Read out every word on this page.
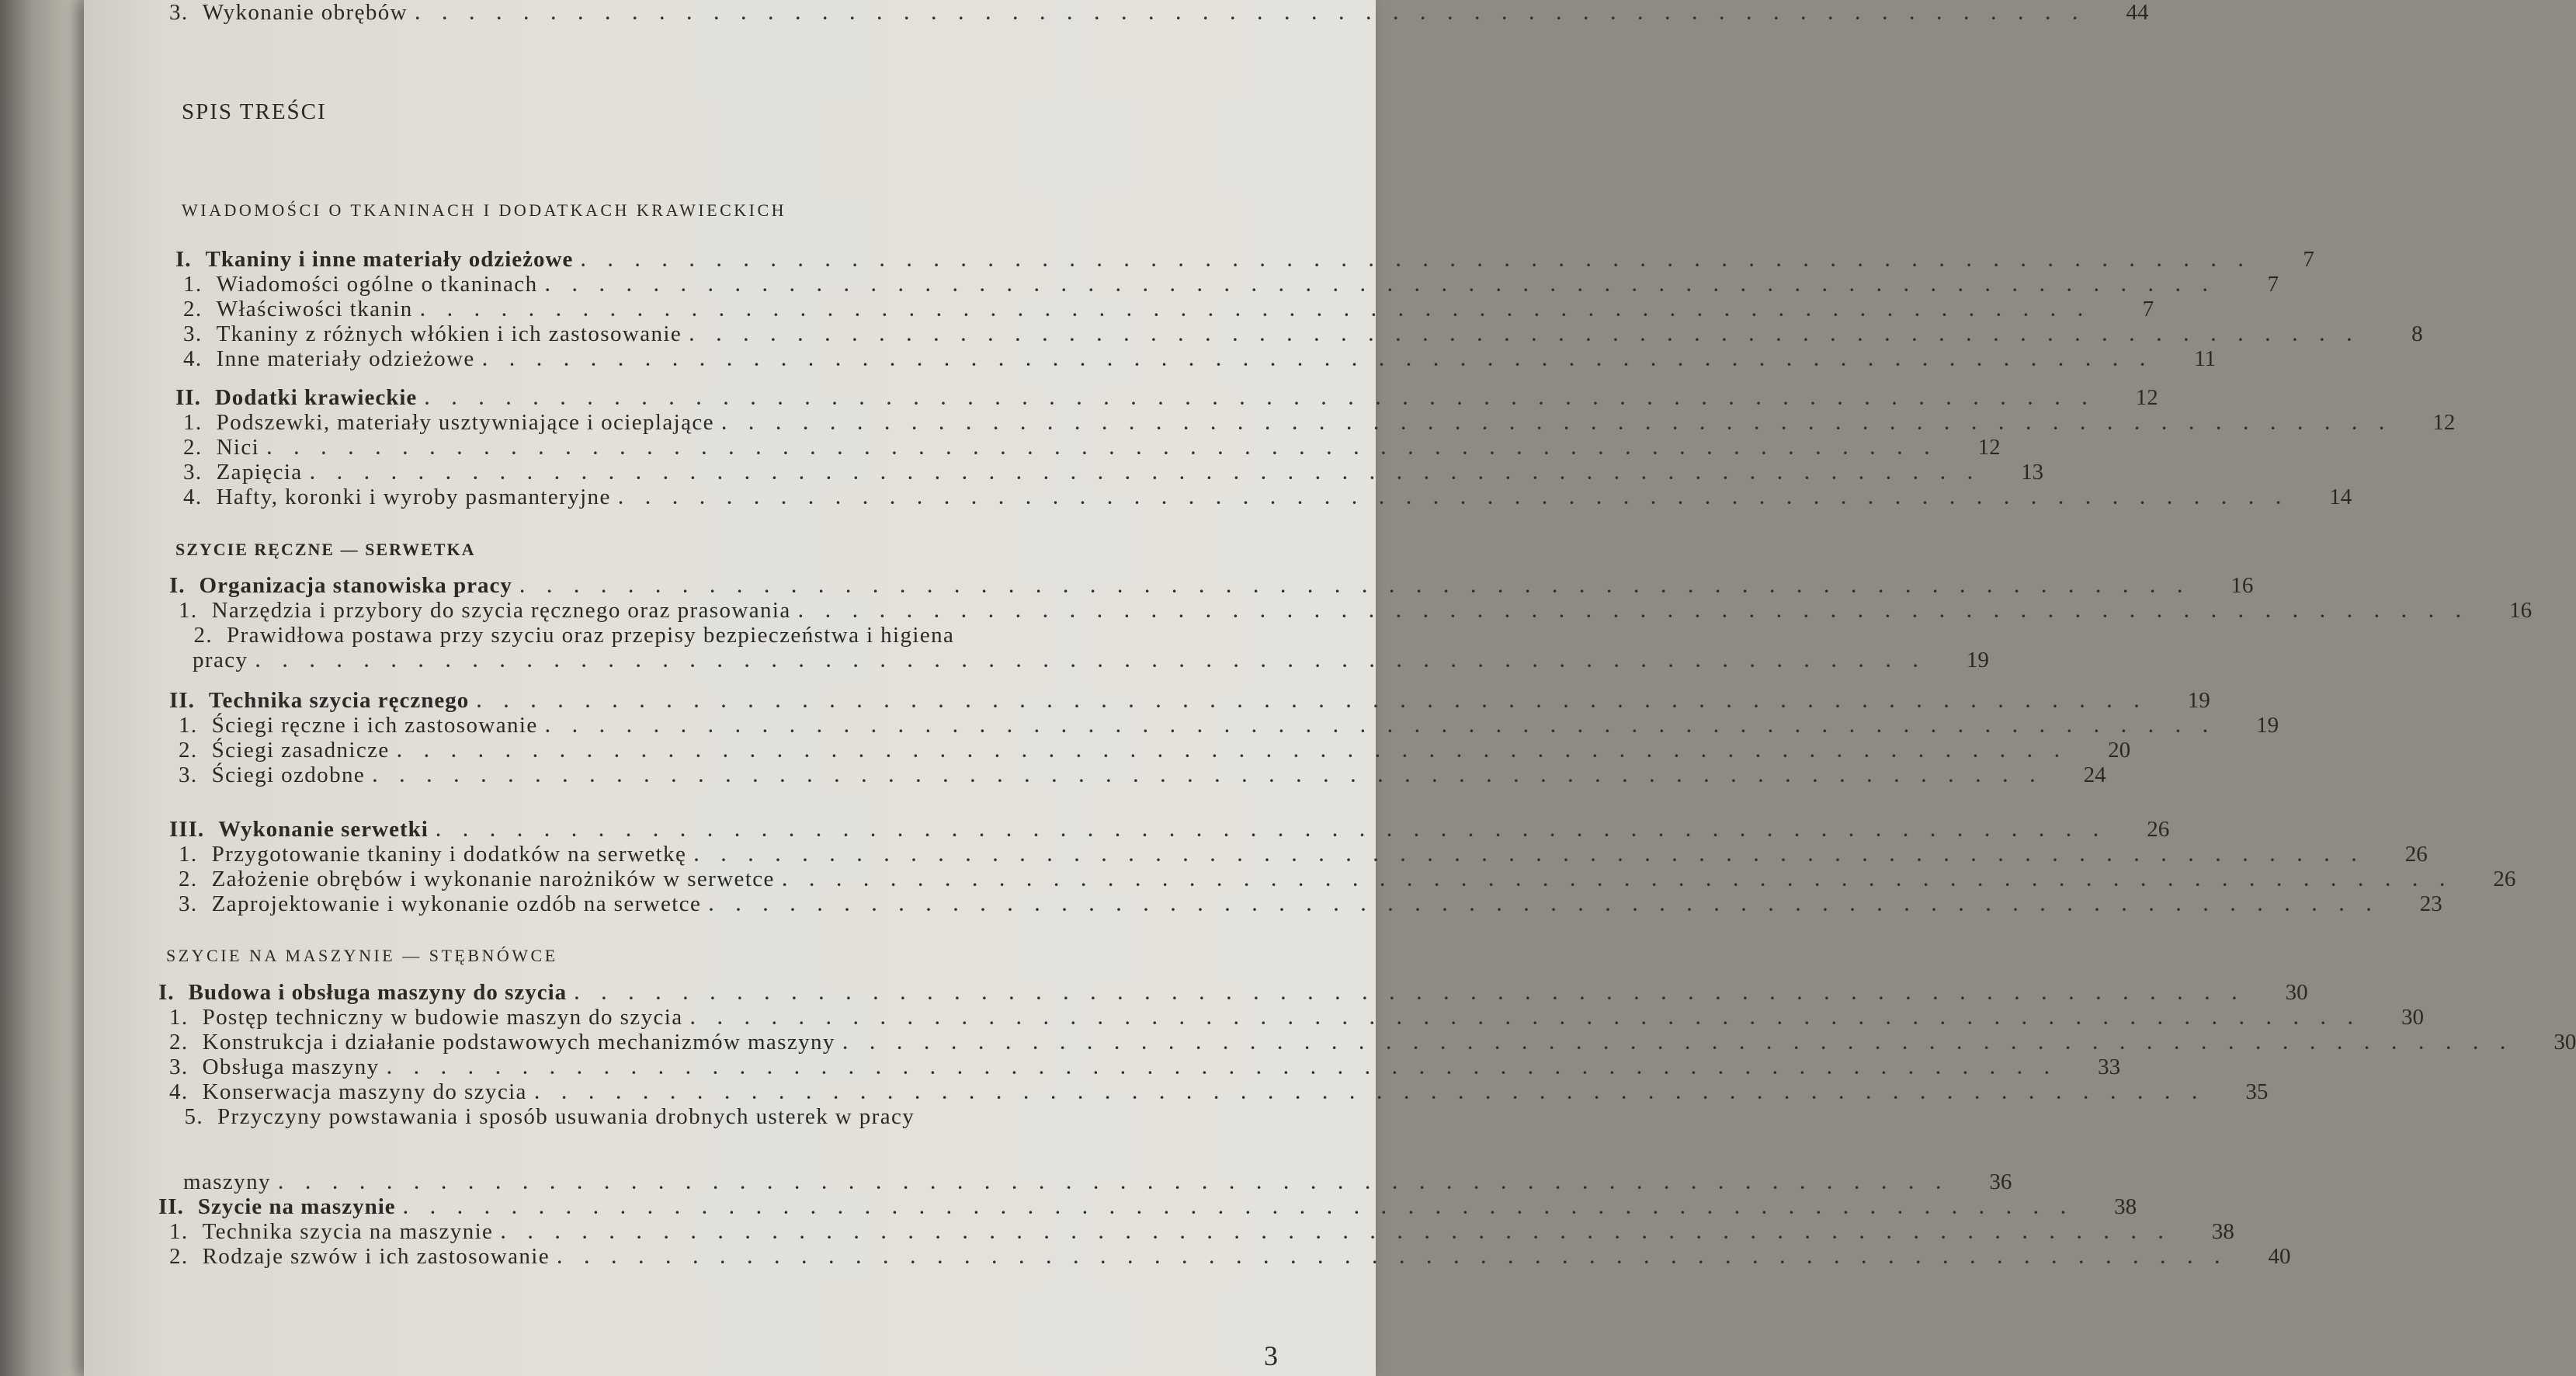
SPIS TREŚCI
3
WIADOMOŚCI O TKANINACH I DODATKACH KRAWIECKICH
I. Tkaniny i inne materiały odzieżowe . . . . . . . . . . . . . . . . . . . . . . . . . . . . . . . . . . . . . . . . . . . . . . . . . . . . . . . . . . . . . .	7
1. Wiadomości ogólne o tkaninach . . . . . . . . . . . . . . . . . . . . . . . . . . . . . . . . . . . . . . . . . . . . . . . . . . . . . . . . . . . . . .	7
2. Właściwości tkanin . . . . . . . . . . . . . . . . . . . . . . . . . . . . . . . . . . . . . . . . . . . . . . . . . . . . . . . . . . . . . .	7
3. Tkaniny z różnych włókien i ich zastosowanie . . . . . . . . . . . . . . . . . . . . . . . . . . . . . . . . . . . . . . . . . . . . . . . . . . . . . . . . . . . . . .	8
4. Inne materiały odzieżowe . . . . . . . . . . . . . . . . . . . . . . . . . . . . . . . . . . . . . . . . . . . . . . . . . . . . . . . . . . . . . .	11
II. Dodatki krawieckie . . . . . . . . . . . . . . . . . . . . . . . . . . . . . . . . . . . . . . . . . . . . . . . . . . . . . . . . . . . . . .	12
1. Podszewki, materiały usztywniające i ocieplające . . . . . . . . . . . . . . . . . . . . . . . . . . . . . . . . . . . . . . . . . . . . . . . . . . . . . . . . . . . . . .	12
2. Nici . . . . . . . . . . . . . . . . . . . . . . . . . . . . . . . . . . . . . . . . . . . . . . . . . . . . . . . . . . . . . .	12
3. Zapięcia . . . . . . . . . . . . . . . . . . . . . . . . . . . . . . . . . . . . . . . . . . . . . . . . . . . . . . . . . . . . . .	13
4. Hafty, koronki i wyroby pasmanteryjne . . . . . . . . . . . . . . . . . . . . . . . . . . . . . . . . . . . . . . . . . . . . . . . . . . . . . . . . . . . . . .	14
SZYCIE RĘCZNE — SERWETKA
I. Organizacja stanowiska pracy . . . . . . . . . . . . . . . . . . . . . . . . . . . . . . . . . . . . . . . . . . . . . . . . . . . . . . . . . . . . . .	16
1. Narzędzia i przybory do szycia ręcznego oraz prasowania . . . . . . . . . . . . . . . . . . . . . . . . . . . . . . . . . . . . . . . . . . . . . . . . . . . . . . . . . . . . . .	16
2. Prawidłowa postawa przy szyciu oraz przepisy bezpieczeństwa i higiena
pracy . . . . . . . . . . . . . . . . . . . . . . . . . . . . . . . . . . . . . . . . . . . . . . . . . . . . . . . . . . . . . .	19
II. Technika szycia ręcznego . . . . . . . . . . . . . . . . . . . . . . . . . . . . . . . . . . . . . . . . . . . . . . . . . . . . . . . . . . . . . .	19
1. Ściegi ręczne i ich zastosowanie . . . . . . . . . . . . . . . . . . . . . . . . . . . . . . . . . . . . . . . . . . . . . . . . . . . . . . . . . . . . . .	19
2. Ściegi zasadnicze . . . . . . . . . . . . . . . . . . . . . . . . . . . . . . . . . . . . . . . . . . . . . . . . . . . . . . . . . . . . . .	20
3. Ściegi ozdobne . . . . . . . . . . . . . . . . . . . . . . . . . . . . . . . . . . . . . . . . . . . . . . . . . . . . . . . . . . . . . .	24
III. Wykonanie serwetki . . . . . . . . . . . . . . . . . . . . . . . . . . . . . . . . . . . . . . . . . . . . . . . . . . . . . . . . . . . . . .	26
1. Przygotowanie tkaniny i dodatków na serwetkę . . . . . . . . . . . . . . . . . . . . . . . . . . . . . . . . . . . . . . . . . . . . . . . . . . . . . . . . . . . . . .	26
2. Założenie obrębów i wykonanie narożników w serwetce . . . . . . . . . . . . . . . . . . . . . . . . . . . . . . . . . . . . . . . . . . . . . . . . . . . . . . . . . . . . . .	26
3. Zaprojektowanie i wykonanie ozdób na serwetce . . . . . . . . . . . . . . . . . . . . . . . . . . . . . . . . . . . . . . . . . . . . . . . . . . . . . . . . . . . . . .	23
SZYCIE NA MASZYNIE — STĘBNÓWCE
I. Budowa i obsługa maszyny do szycia . . . . . . . . . . . . . . . . . . . . . . . . . . . . . . . . . . . . . . . . . . . . . . . . . . . . . . . . . . . . . .	30
1. Postęp techniczny w budowie maszyn do szycia . . . . . . . . . . . . . . . . . . . . . . . . . . . . . . . . . . . . . . . . . . . . . . . . . . . . . . . . . . . . . .	30
2. Konstrukcja i działanie podstawowych mechanizmów maszyny . . . . . . . . . . . . . . . . . . . . . . . . . . . . . . . . . . . . . . . . . . . . . . . . . . . . . . . . . . . . . .	30
3. Obsługa maszyny . . . . . . . . . . . . . . . . . . . . . . . . . . . . . . . . . . . . . . . . . . . . . . . . . . . . . . . . . . . . . .	33
4. Konserwacja maszyny do szycia . . . . . . . . . . . . . . . . . . . . . . . . . . . . . . . . . . . . . . . . . . . . . . . . . . . . . . . . . . . . . .	35
5. Przyczyny powstawania i sposób usuwania drobnych usterek w pracy
maszyny . . . . . . . . . . . . . . . . . . . . . . . . . . . . . . . . . . . . . . . . . . . . . . . . . . . . . . . . . . . . . .	36
II. Szycie na maszynie . . . . . . . . . . . . . . . . . . . . . . . . . . . . . . . . . . . . . . . . . . . . . . . . . . . . . . . . . . . . . .	38
1. Technika szycia na maszynie . . . . . . . . . . . . . . . . . . . . . . . . . . . . . . . . . . . . . . . . . . . . . . . . . . . . . . . . . . . . . .	38
2. Rodzaje szwów i ich zastosowanie . . . . . . . . . . . . . . . . . . . . . . . . . . . . . . . . . . . . . . . . . . . . . . . . . . . . . . . . . . . . . .	40
3. Wykonanie obrębów . . . . . . . . . . . . . . . . . . . . . . . . . . . . . . . . . . . . . . . . . . . . . . . . . . . . . . . . . . . . . .	44
